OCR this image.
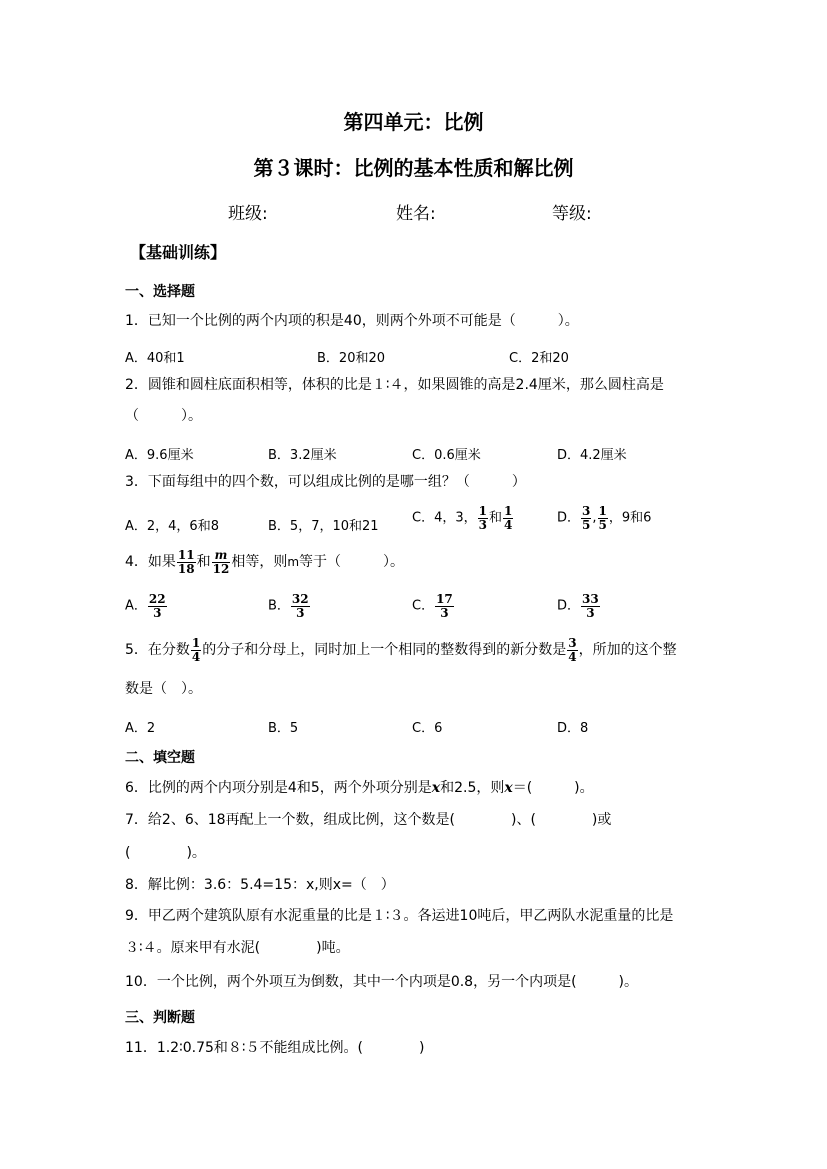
第四单元：比例
第３课时：比例的基本性质和解比例
班级:	姓名:	等级:
【基础训练】
一、选择题
1．已知一个比例的两个内项的积是40，则两个外项不可能是（　　　）。
A．40和1	B．20和20	C．2和20
2．圆锥和圆柱底面积相等，体积的比是１∶４，如果圆锥的高是2.4厘米，那么圆柱高是
（　　　）。
A．9.6厘米	B．3.2厘米	C．0.6厘米	D．4.2厘米
3．下面每组中的四个数，可以组成比例的是哪一组？（　　　）
A．2，4，6和8	B．5，7，10和21
C．4，3， $\frac{1}{3}$ 和 $\frac{1}{4}$	D． $\frac{3}{5}$ , $\frac{1}{5}$ ，9和6
4．如果 $\frac{11}{18}$ 和 $\frac{m}{12}$ 相等，则m等于（　　　）。
A． $\frac{22}{3}$	B． $\frac{32}{3}$	C． $\frac{17}{3}$	D． $\frac{33}{3}$
5．在分数 $\frac{1}{4}$ 的分子和分母上，同时加上一个相同的整数得到的新分数是 $\frac{3}{4}$ ，所加的这个整
数是（　）。
A．2	B．5	C．6	D．8
二、填空题
6．比例的两个内项分别是4和5，两个外项分别是x和2.5，则x＝(　　　)。
7．给2、6、18再配上一个数，组成比例，这个数是(　　　　)、(　　　　)或
(　　　　)。
8．解比例：3.6：5.4=15：x,则x=（　）
9．甲乙两个建筑队原有水泥重量的比是１∶３。各运进10吨后，甲乙两队水泥重量的比是
３∶４。原来甲有水泥(　　　　)吨。
10．一个比例，两个外项互为倒数，其中一个内项是0.8，另一个内项是(　　　)。
三、判断题
11．1.2∶0.75和８∶５不能组成比例。(　　　　)
